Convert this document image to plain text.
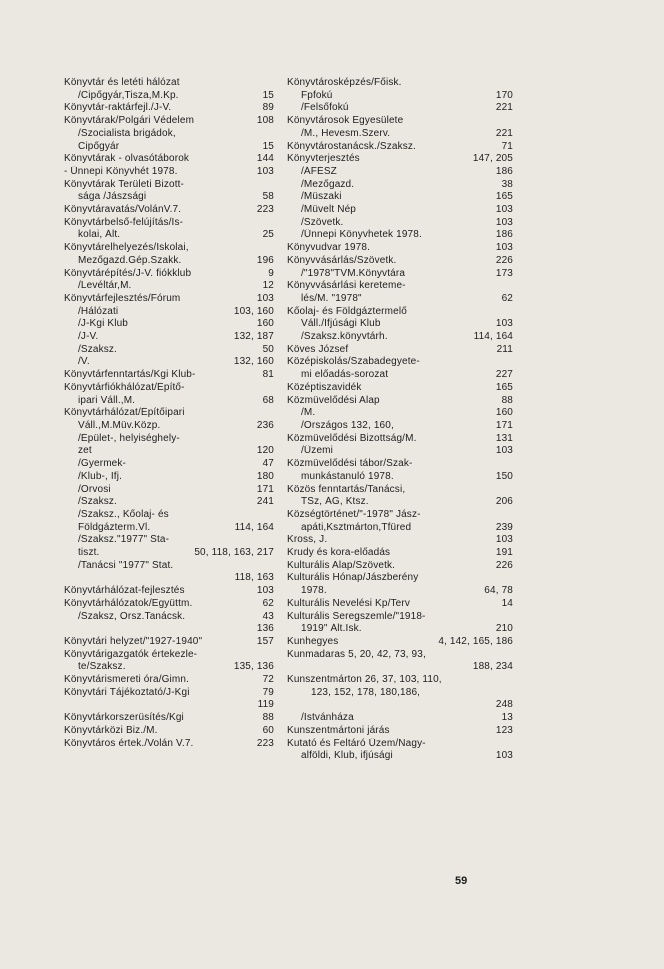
Könyvtár és letéti hálózat
/Cipőgyár,Tisza,M.Kp.	15
Könyvtár-raktárfejl./J-V.	89
Könyvtárak/Polgári Védelem	108
/Szocialista brigádok,
Cipőgyár	15
Könyvtárak - olvasótáborok	144
- Ünnepi Könyvhét 1978.	103
Könyvtárak Területi Bizott-
sága /Jászsági	58
Könyvtáravatás/VolánV.7.	223
Könyvtárbelső-felújítás/Is-
kolai, Ált.	25
Könyvtárelhelyezés/Iskolai,
Mezőgazd.Gép.Szakk.	196
Könyvtárépítés/J-V. fiókklub	9
/Levéltár,M.	12
Könyvtárfejlesztés/Fórum	103
/Hálózati	103, 160
/J-Kgi Klub	160
/J-V.	132, 187
/Szaksz.	50
/V.	132, 160
Könyvtárfenntartás/Kgi Klub-	81
Könyvtárfiókhálózat/Építő-
ipari Váll.,M.	68
Könyvtárhálózat/Építőipari
Váll.,M.Müv.Közp.	236
/Épület-, helyiséghely-
zet	120
/Gyermek-	47
/Klub-, Ifj.	180
/Orvosi	171
/Szaksz.	241
/Szaksz., Kőolaj- és
Földgázterm.Vl.	114, 164
/Szaksz."1977" Sta-
tiszt.	50, 118, 163, 217
/Tanácsi "1977" Stat.
118, 163
Könyvtárhálózat-fejlesztés	103
Könyvtárhálózatok/Együttm.	62
/Szaksz, Orsz.Tanácsk.	43
136
Könyvtári helyzet/"1927-1940"	157
Könyvtárigazgatók értekezle-
te/Szaksz.	135, 136
Könyvtárismereti óra/Gimn.	72
Könyvtári Tájékoztató/J-Kgi	79
119
Könyvtárkorszerüsítés/Kgi	88
Könyvtárközi Biz./M.	60
Könyvtáros értek./Volán V.7.	223
Könyvtárosképzés/Főisk.
Fpfokú	170
/Felsőfokú	221
Könyvtárosok Egyesülete
/M., Hevesm.Szerv.	221
Könyvtárostanácsk./Szaksz.	71
Könyvterjesztés	147, 205
/ÁFÉSZ	186
/Mezőgazd.	38
/Müszaki	165
/Müvelt Nép	103
/Szövetk.	103
/Ünnepi Könyvhetek 1978.	186
Könyvudvar 1978.	103
Könyvvásárlás/Szövetk.	226
/"1978"TVM.Könyvtára	173
Könyvvásárlási keretemе-
lés/M. "1978"	62
Kőolaj- és Földgáztermelő
Váll./Ifjúsági Klub	103
/Szaksz.könyvtárh.	114, 164
Köves József	211
Középiskolás/Szabadegyete-
mi előadás-sorozat	227
Középtiszavidék	165
Közmüvelődési Alap	88
/M.	160
/Országos 132, 160,	171
Közmüvelődési Bizottság/M.	131
/Üzemi	103
Közmüvelődési tábor/Szak-
munkástanuló 1978.	150
Közös fenntartás/Tanácsi,
TSz, ÁG, Ktsz.	206
Községtörténet/"-1978" Jász-
apáti,Ksztmárton,Tfüred	239
Kross, J.	103
Krudy és kora-előadás	191
Kulturális Alap/Szövetk.	226
Kulturális Hónap/Jászberény
1978.	64, 78
Kulturális Nevelési Kp/Terv	14
Kulturális Seregszemle/"1918-
1919" Ált.Isk.	210
Kunhegyes	4, 142, 165, 186
Kunmadaras 5, 20, 42, 73, 93,
188, 234
Kunszentmárton 26, 37, 103, 110,
123, 152, 178, 180,186,
248
/Istvánháza	13
Kunszentmártoni járás	123
Kutató és Feltáró Üzem/Nagy-
alföldi, Klub, ifjúsági	103
59
